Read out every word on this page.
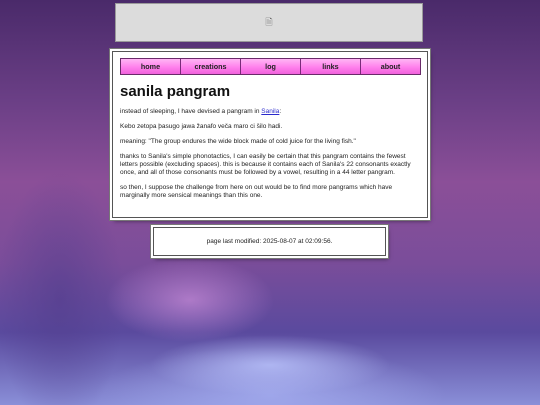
🗎
home	creations	log	links	about
sanila pangram

instead of sleeping, I have devised a pangram in Sanila:

Kebo zetopa þasugo jawa žanafo veča maro ci šilo hadi.

meaning: "The group endures the wide block made of cold juice for the living fish."

thanks to Sanila's simple phonotactics, I can easily be certain that this pangram contains the fewest letters possible (excluding spaces). this is because it contains each of Sanila's 22 consonants exactly once, and all of those consonants must be followed by a vowel, resulting in a 44 letter pangram.

so then, I suppose the challenge from here on out would be to find more pangrams which have marginally more sensical meanings than this one.

page last modified: 2025-08-07 at 02:09:56.
